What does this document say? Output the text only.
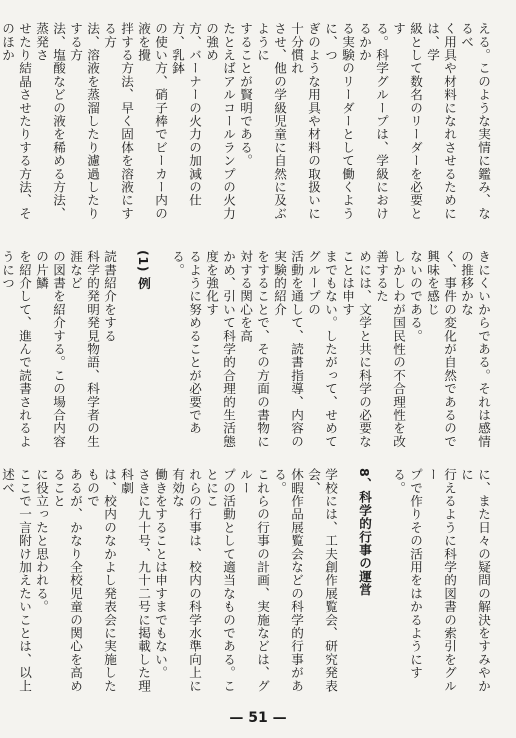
える。このような実情に鑑み、なるべ
く用具や材料になれさせるためには、学
級として数名のリーダーを必要とす
る。科学グループは、学級におけるかか
る実験のリーダーとして働くように、つ
ぎのような用具や材料の取扱いに十分慣れ
させ、他の学級児童に自然に及ぶように
することが賢明である。
たとえばアルコールランプの火力の強め
方、バーナーの火力の加減の仕方、乳鉢
の使い方、硝子棒でビーカー内の液を攪
拌する方法、早く固体を溶液にする方
法、溶液を蒸溜したり濾過したりする方
法、塩酸などの液を稀める方法、蒸発さ
せたり結晶させたりする方法、そのほか

きにくいからである。それは感情の推移かな
く、事件の変化が自然であるので興味を感じ
ないのである。
しかしわが国民性の不合理性を改善するた
めには、文学と共に科学の必要なことは申す
までもない。したがって、せめてグループの
活動を通して、読書指導、内容の実験的紹介
をすることで、その方面の書物に対する関心を高
かめ、引いて科学的合理的生活態度を強化す
るように努めることが必要である。

(1) 例

読書紹介をする
科学的発明発見物語、科学者の生涯など
の図書を紹介する。この場合内容の片鱗
を紹介して、進んで読書されるようにつ

に、また日々の疑問の解決をすみやかに
行えるように科学的図書の索引をグルー
プで作りその活用をはかるようにする。

8、科学的行事の運営

学校には、工夫創作展覧会、研究発表会、
休暇作品展覧会などの科学的行事がある。
これらの行事の計画、実施などは、グルー
プの活動として適当なものである。ことにこ
れらの行事は、校内の科学水準向上に有効な
働きをすることは申すまでもない。
さきに九十号、九十二号に掲載した理科劇
は、校内のなかよし発表会に実施したもので
あるが、かなり全校児童の関心を高めること
に役立ったと思われる。
ここで一言附け加えたいことは、以上述べ
— 51 —
